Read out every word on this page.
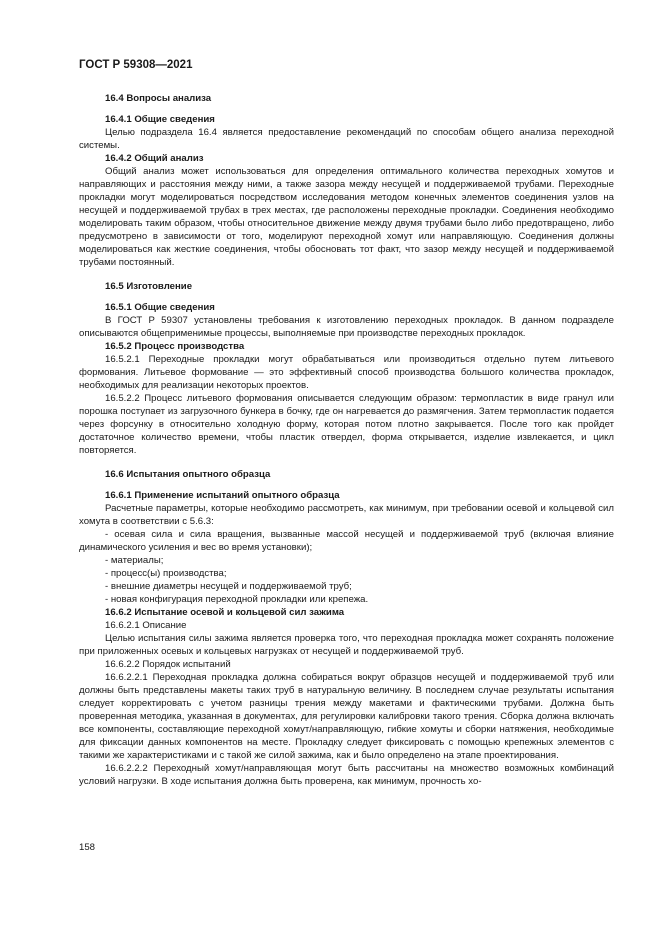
ГОСТ Р 59308—2021

16.4 Вопросы анализа

16.4.1 Общие сведения

Целью подраздела 16.4 является предоставление рекомендаций по способам общего анализа переходной системы.

16.4.2 Общий анализ

Общий анализ может использоваться для определения оптимального количества переходных хомутов и направляющих и расстояния между ними, а также зазора между несущей и поддерживаемой трубами. Переходные прокладки могут моделироваться посредством исследования методом конечных элементов соединения узлов на несущей и поддерживаемой трубах в трех местах, где расположены переходные прокладки. Соединения необходимо моделировать таким образом, чтобы относительное движение между двумя трубами было либо предотвращено, либо предусмотрено в зависимости от того, моделируют переходной хомут или направляющую. Соединения должны моделироваться как жесткие соединения, чтобы обосновать тот факт, что зазор между несущей и поддерживаемой трубами постоянный.

16.5 Изготовление

16.5.1 Общие сведения

В ГОСТ Р 59307 установлены требования к изготовлению переходных прокладок. В данном подразделе описываются общеприменимые процессы, выполняемые при производстве переходных прокладок.

16.5.2 Процесс производства

16.5.2.1 Переходные прокладки могут обрабатываться или производиться отдельно путем литьевого формования. Литьевое формование — это эффективный способ производства большого количества прокладок, необходимых для реализации некоторых проектов.

16.5.2.2 Процесс литьевого формования описывается следующим образом: термопластик в виде гранул или порошка поступает из загрузочного бункера в бочку, где он нагревается до размягчения. Затем термопластик подается через форсунку в относительно холодную форму, которая потом плотно закрывается. После того как пройдет достаточное количество времени, чтобы пластик отвердел, форма открывается, изделие извлекается, и цикл повторяется.

16.6 Испытания опытного образца

16.6.1 Применение испытаний опытного образца

Расчетные параметры, которые необходимо рассмотреть, как минимум, при требовании осевой и кольцевой сил хомута в соответствии с 5.6.3:

- осевая сила и сила вращения, вызванные массой несущей и поддерживаемой труб (включая влияние динамического усиления и вес во время установки);

- материалы;

- процесс(ы) производства;

- внешние диаметры несущей и поддерживаемой труб;

- новая конфигурация переходной прокладки или крепежа.

16.6.2 Испытание осевой и кольцевой сил зажима

16.6.2.1 Описание

Целью испытания силы зажима является проверка того, что переходная прокладка может сохранять положение при приложенных осевых и кольцевых нагрузках от несущей и поддерживаемой труб.

16.6.2.2 Порядок испытаний

16.6.2.2.1 Переходная прокладка должна собираться вокруг образцов несущей и поддерживаемой труб или должны быть представлены макеты таких труб в натуральную величину. В последнем случае результаты испытания следует корректировать с учетом разницы трения между макетами и фактическими трубами. Должна быть проверенная методика, указанная в документах, для регулировки калибровки такого трения. Сборка должна включать все компоненты, составляющие переходной хомут/направляющую, гибкие хомуты и сборки натяжения, необходимые для фиксации данных компонентов на месте. Прокладку следует фиксировать с помощью крепежных элементов с такими же характеристиками и с такой же силой зажима, как и было определено на этапе проектирования.

16.6.2.2.2 Переходный хомут/направляющая могут быть рассчитаны на множество возможных комбинаций условий нагрузки. В ходе испытания должна быть проверена, как минимум, прочность хо-

158
